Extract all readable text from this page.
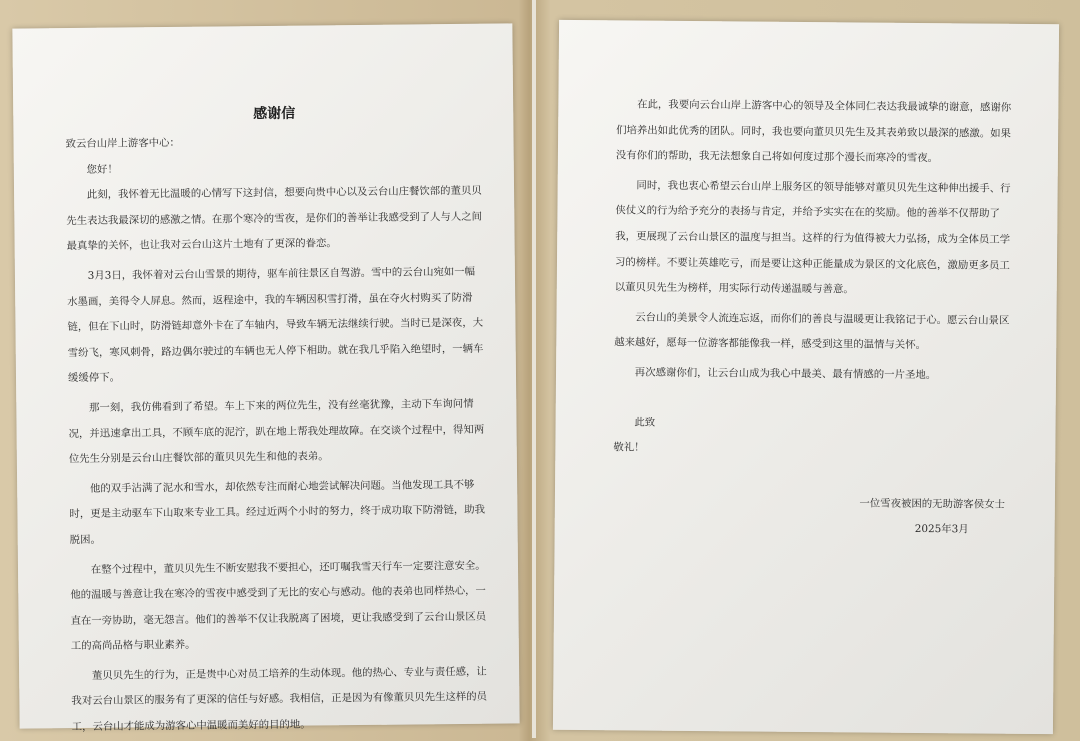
感谢信

致云台山岸上游客中心：

您好！

此刻，我怀着无比温暖的心情写下这封信，想要向贵中心以及云台山庄餐饮部的董贝贝先生表达我最深切的感激之情。在那个寒冷的雪夜，是你们的善举让我感受到了人与人之间最真挚的关怀，也让我对云台山这片土地有了更深的眷恋。

3月3日，我怀着对云台山雪景的期待，驱车前往景区自驾游。雪中的云台山宛如一幅水墨画，美得令人屏息。然而，返程途中，我的车辆因积雪打滑，虽在夺火村购买了防滑链，但在下山时，防滑链却意外卡在了车轴内，导致车辆无法继续行驶。当时已是深夜，大雪纷飞，寒风刺骨，路边偶尔驶过的车辆也无人停下相助。就在我几乎陷入绝望时，一辆车缓缓停下。

那一刻，我仿佛看到了希望。车上下来的两位先生，没有丝毫犹豫，主动下车询问情况，并迅速拿出工具，不顾车底的泥泞，趴在地上帮我处理故障。在交谈个过程中，得知两位先生分别是云台山庄餐饮部的董贝贝先生和他的表弟。

他的双手沾满了泥水和雪水，却依然专注而耐心地尝试解决问题。当他发现工具不够时，更是主动驱车下山取来专业工具。经过近两个小时的努力，终于成功取下防滑链，助我脱困。

在整个过程中，董贝贝先生不断安慰我不要担心，还叮嘱我雪天行车一定要注意安全。他的温暖与善意让我在寒冷的雪夜中感受到了无比的安心与感动。他的表弟也同样热心，一直在一旁协助，毫无怨言。他们的善举不仅让我脱离了困境，更让我感受到了云台山景区员工的高尚品格与职业素养。

董贝贝先生的行为，正是贵中心对员工培养的生动体现。他的热心、专业与责任感，让我对云台山景区的服务有了更深的信任与好感。我相信，正是因为有像董贝贝先生这样的员工，云台山才能成为游客心中温暖而美好的目的地。

在此，我要向云台山岸上游客中心的领导及全体同仁表达我最诚挚的谢意，感谢你们培养出如此优秀的团队。同时，我也要向董贝贝先生及其表弟致以最深的感激。如果没有你们的帮助，我无法想象自己将如何度过那个漫长而寒冷的雪夜。

同时，我也衷心希望云台山岸上服务区的领导能够对董贝贝先生这种伸出援手、行侠仗义的行为给予充分的表扬与肯定，并给予实实在在的奖励。他的善举不仅帮助了我，更展现了云台山景区的温度与担当。这样的行为值得被大力弘扬，成为全体员工学习的榜样。不要让英雄吃亏，而是要让这种正能量成为景区的文化底色，激励更多员工以董贝贝先生为榜样，用实际行动传递温暖与善意。

云台山的美景令人流连忘返，而你们的善良与温暖更让我铭记于心。愿云台山景区越来越好，愿每一位游客都能像我一样，感受到这里的温情与关怀。

再次感谢你们，让云台山成为我心中最美、最有情感的一片圣地。

此致

敬礼！

一位雪夜被困的无助游客侯女士

2025年3月
